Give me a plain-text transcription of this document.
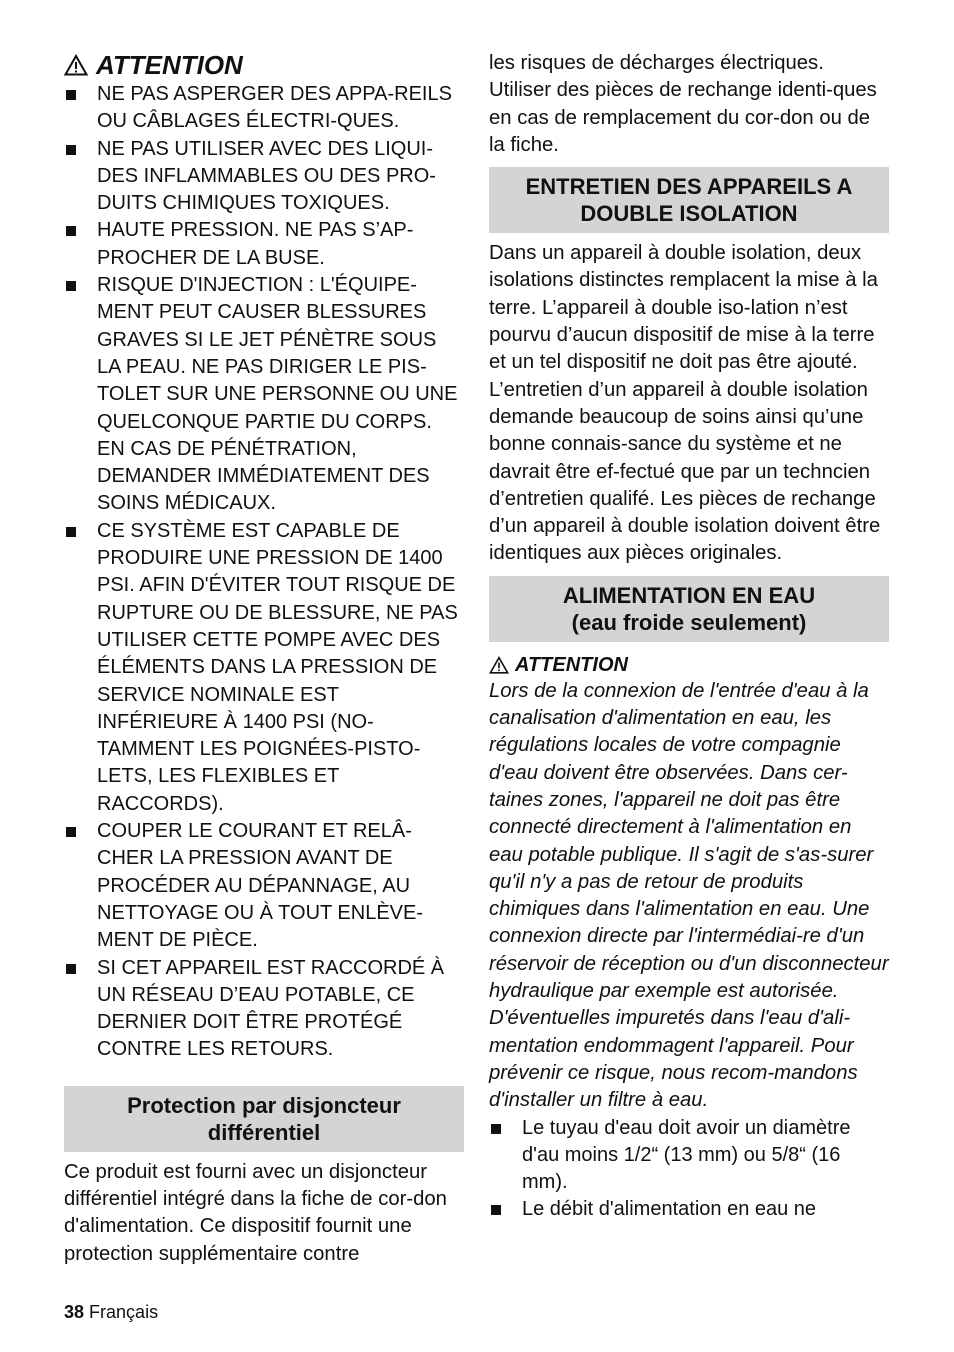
ATTENTION
NE PAS ASPERGER DES APPA-REILS OU CÂBLAGES ÉLECTRI-QUES.
NE PAS UTILISER AVEC DES LIQUI-DES INFLAMMABLES OU DES PRO-DUITS CHIMIQUES TOXIQUES.
HAUTE PRESSION. NE PAS S’AP-PROCHER DE LA BUSE.
RISQUE D'INJECTION : L'ÉQUIPE-MENT PEUT CAUSER BLESSURES GRAVES SI LE JET PÉNÈTRE SOUS LA PEAU. NE PAS DIRIGER LE PIS-TOLET SUR UNE PERSONNE OU UNE QUELCONQUE PARTIE DU CORPS. EN CAS DE PÉNÉTRATION, DEMANDER IMMÉDIATEMENT DES SOINS MÉDICAUX.
CE SYSTÈME EST CAPABLE DE PRODUIRE UNE PRESSION DE 1400 PSI. AFIN D'ÉVITER TOUT RISQUE DE RUPTURE OU DE BLESSURE, NE PAS UTILISER CETTE POMPE AVEC DES ÉLÉMENTS DANS LA PRESSION DE SERVICE NOMINALE EST INFÉRIEURE À 1400 PSI (NO-TAMMENT LES POIGNÉES-PISTO-LETS, LES FLEXIBLES ET RACCORDS).
COUPER LE COURANT ET RELÂ-CHER LA PRESSION AVANT DE PROCÉDER AU DÉPANNAGE, AU NETTOYAGE OU À TOUT ENLÈVE-MENT DE PIÈCE.
SI CET APPAREIL EST RACCORDÉ À UN RÉSEAU D’EAU POTABLE, CE DERNIER DOIT ÊTRE PROTÉGÉ CONTRE LES RETOURS.
Protection par disjoncteur différentiel

Ce produit est fourni avec un disjoncteur différentiel intégré dans la fiche de cor-don d'alimentation. Ce dispositif fournit une protection supplémentaire contre

les risques de décharges électriques. Utiliser des pièces de rechange identi-ques en cas de remplacement du cor-don ou de la fiche.

ENTRETIEN DES APPAREILS A DOUBLE ISOLATION

Dans un appareil à double isolation, deux isolations distinctes remplacent la mise à la terre. L’appareil à double iso-lation n’est pourvu d’aucun dispositif de mise à la terre et un tel dispositif ne doit pas être ajouté. L’entretien d’un appareil à double isolation demande beaucoup de soins ainsi qu’une bonne connais-sance du système et ne davrait être ef-fectué que par un techncien d’entretien qualifé. Les pièces de rechange d’un appareil à double isolation doivent être identiques aux pièces originales.

ALIMENTATION EN EAU
(eau froide seulement)
ATTENTION

Lors de la connexion de l'entrée d'eau à la canalisation d'alimentation en eau, les régulations locales de votre compagnie d'eau doivent être observées. Dans cer-taines zones, l'appareil ne doit pas être connecté directement à l'alimentation en eau potable publique. Il s'agit de s'as-surer qu'il n'y a pas de retour de produits chimiques dans l'alimentation en eau. Une connexion directe par l'intermédiai-re d'un réservoir de réception ou d'un disconnecteur hydraulique par exemple est autorisée.

D'éventuelles impuretés dans l'eau d'ali-mentation endommagent l'appareil. Pour prévenir ce risque, nous recom-mandons d'installer un filtre à eau.

Le tuyau d'eau doit avoir un diamètre d'au moins 1/2“ (13 mm) ou 5/8“ (16 mm).
Le débit d'alimentation en eau ne
38 Français
